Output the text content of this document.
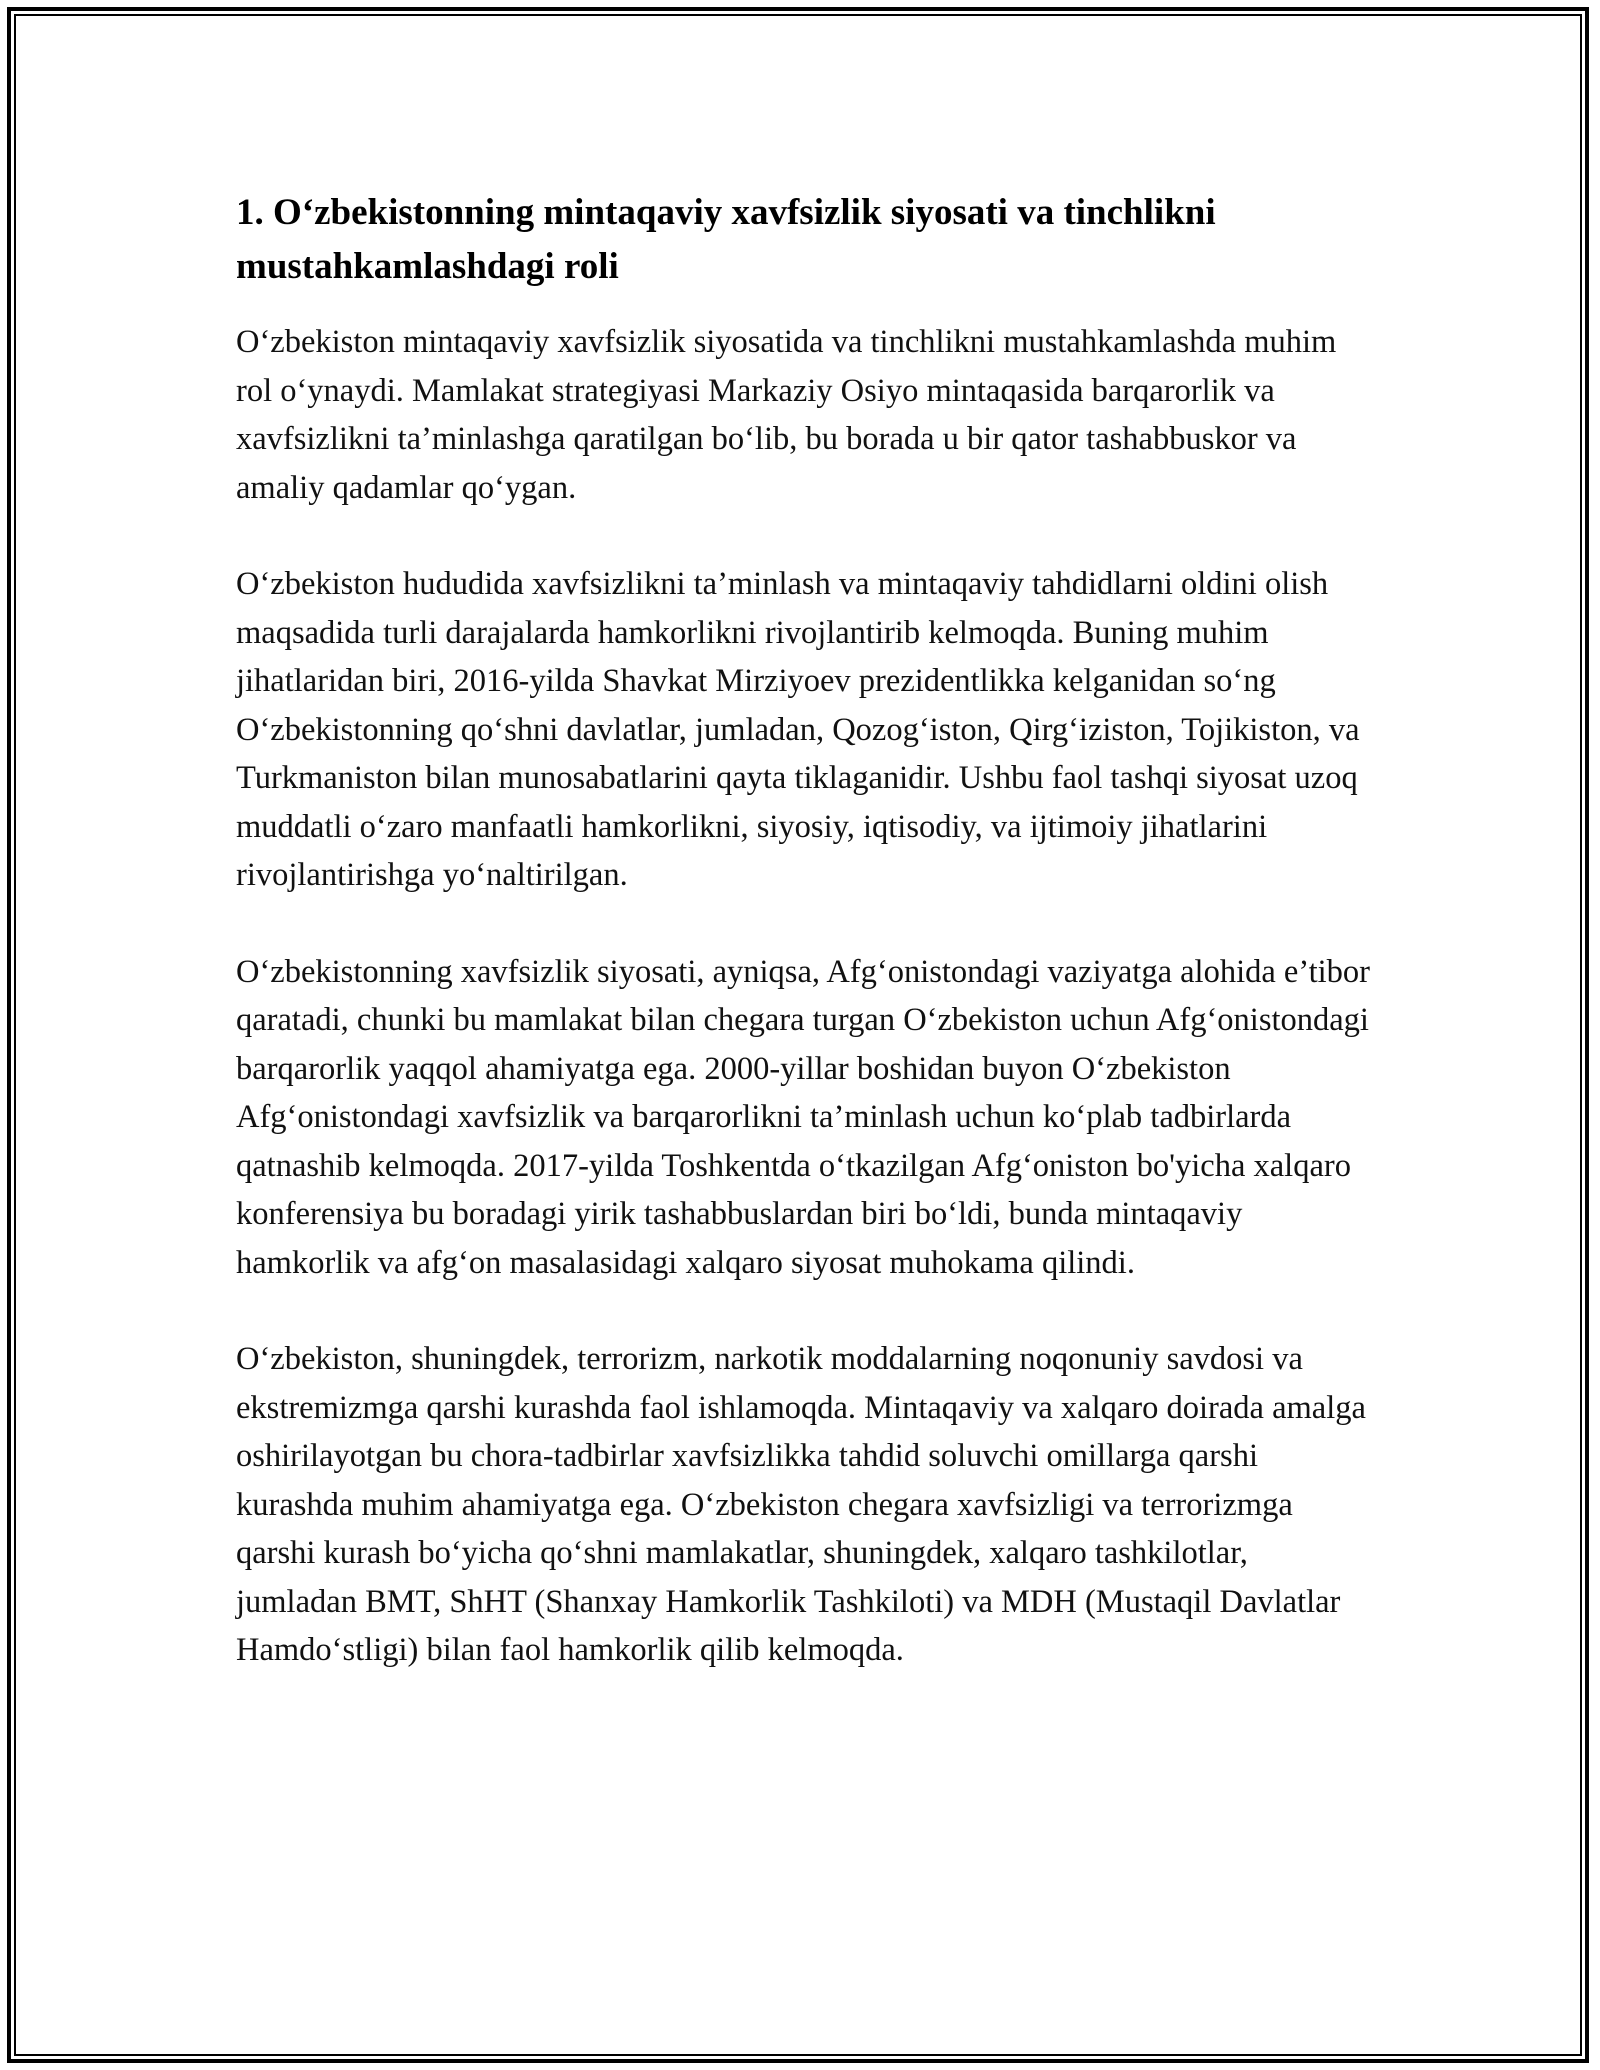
1. O‘zbekistonning mintaqaviy xavfsizlik siyosati va tinchlikni mustahkamlashdagi roli

O‘zbekiston mintaqaviy xavfsizlik siyosatida va tinchlikni mustahkamlashda muhim rol o‘ynaydi. Mamlakat strategiyasi Markaziy Osiyo mintaqasida barqarorlik va xavfsizlikni ta’minlashga qaratilgan bo‘lib, bu borada u bir qator tashabbuskor va amaliy qadamlar qo‘ygan.

O‘zbekiston hududida xavfsizlikni ta’minlash va mintaqaviy tahdidlarni oldini olish maqsadida turli darajalarda hamkorlikni rivojlantirib kelmoqda. Buning muhim jihatlaridan biri, 2016-yilda Shavkat Mirziyoev prezidentlikka kelganidan so‘ng O‘zbekistonning qo‘shni davlatlar, jumladan, Qozog‘iston, Qirg‘iziston, Tojikiston, va Turkmaniston bilan munosabatlarini qayta tiklaganidir. Ushbu faol tashqi siyosat uzoq muddatli o‘zaro manfaatli hamkorlikni, siyosiy, iqtisodiy, va ijtimoiy jihatlarini rivojlantirishga yo‘naltirilgan.

O‘zbekistonning xavfsizlik siyosati, ayniqsa, Afg‘onistondagi vaziyatga alohida e’tibor qaratadi, chunki bu mamlakat bilan chegara turgan O‘zbekiston uchun Afg‘onistondagi barqarorlik yaqqol ahamiyatga ega. 2000-yillar boshidan buyon O‘zbekiston Afg‘onistondagi xavfsizlik va barqarorlikni ta’minlash uchun ko‘plab tadbirlarda qatnashib kelmoqda. 2017-yilda Toshkentda o‘tkazilgan Afg‘oniston bo'yicha xalqaro konferensiya bu boradagi yirik tashabbuslardan biri bo‘ldi, bunda mintaqaviy hamkorlik va afg‘on masalasidagi xalqaro siyosat muhokama qilindi.

O‘zbekiston, shuningdek, terrorizm, narkotik moddalarning noqonuniy savdosi va ekstremizmga qarshi kurashda faol ishlamoqda. Mintaqaviy va xalqaro doirada amalga oshirilayotgan bu chora-tadbirlar xavfsizlikka tahdid soluvchi omillarga qarshi kurashda muhim ahamiyatga ega. O‘zbekiston chegara xavfsizligi va terrorizmga qarshi kurash bo‘yicha qo‘shni mamlakatlar, shuningdek, xalqaro tashkilotlar, jumladan BMT, ShHT (Shanxay Hamkorlik Tashkiloti) va MDH (Mustaqil Davlatlar Hamdo‘stligi) bilan faol hamkorlik qilib kelmoqda.
